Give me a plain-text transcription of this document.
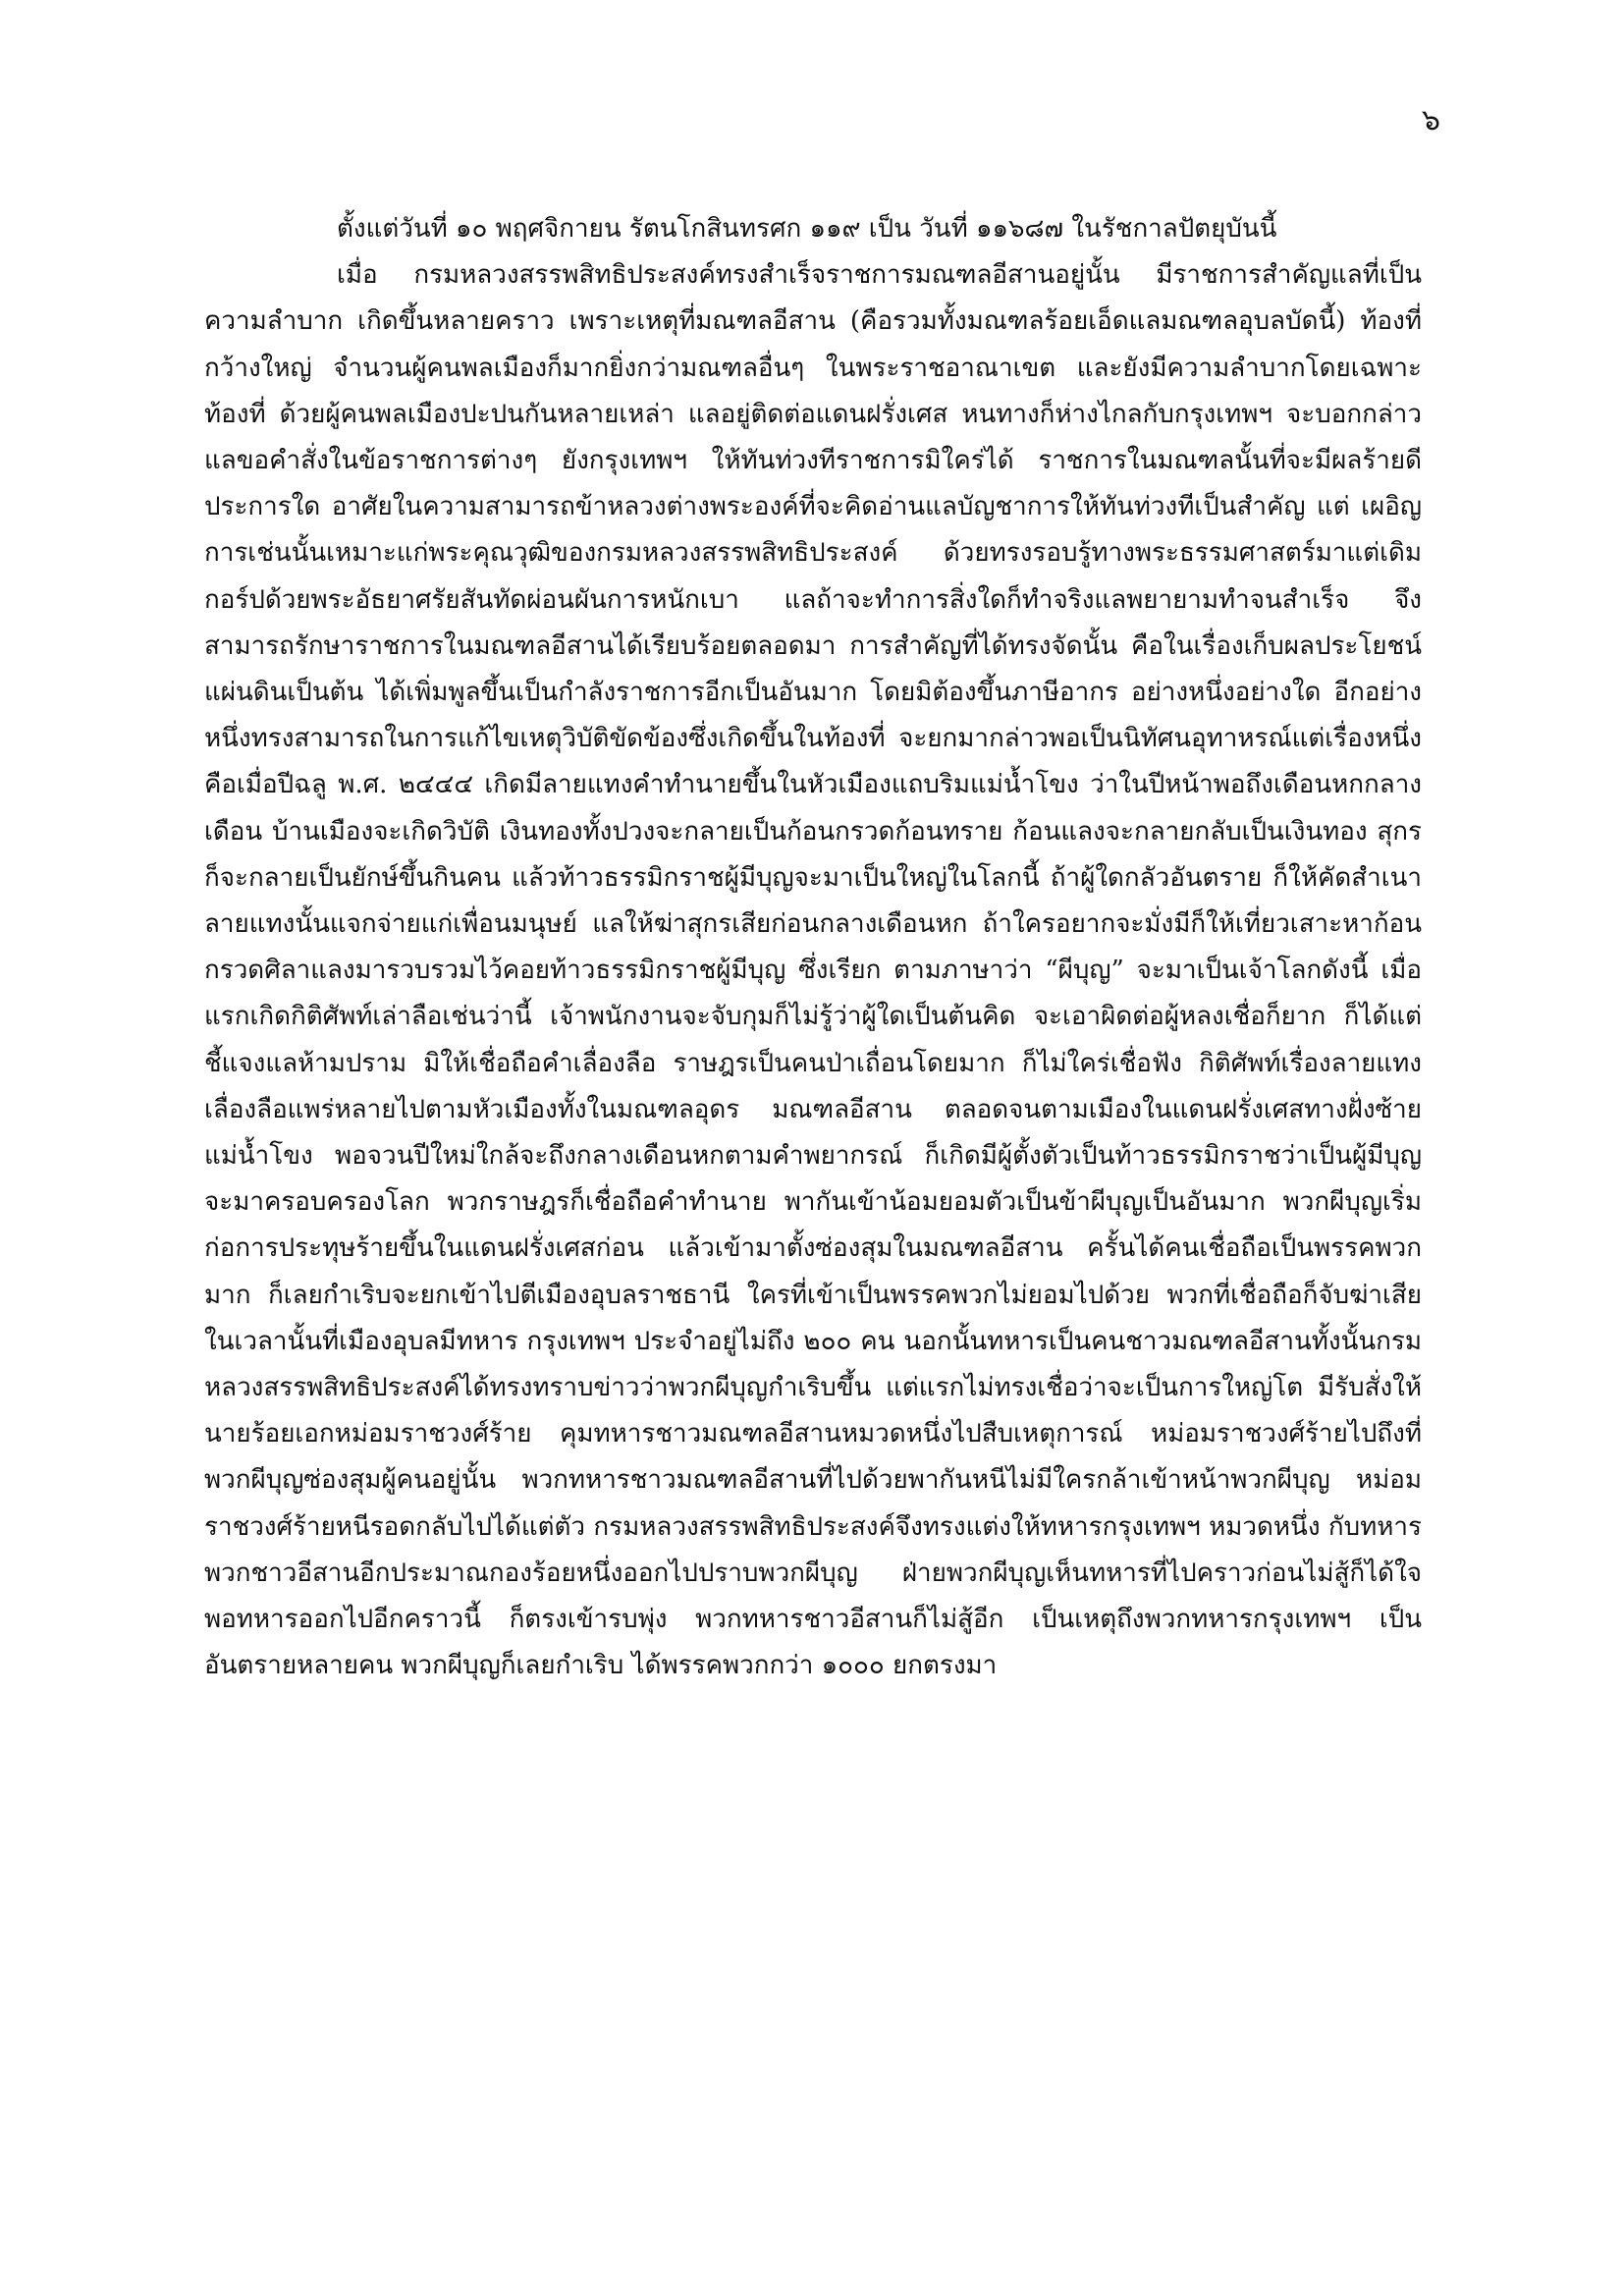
๖

ตั้งแต่วันที่ ๑๐ พฤศจิกายน รัตนโกสินทรศก ๑๑๙ เป็น วันที่ ๑๑๖๘๗ ในรัชกาลปัตยุบันนี้

เมื่อ กรมหลวงสรรพสิทธิประสงค์ทรงสำเร็จราชการมณฑลอีสานอยู่นั้น มีราชการสำคัญแลที่เป็นความลำบาก เกิดขึ้นหลายคราว เพราะเหตุที่มณฑลอีสาน (คือรวมทั้งมณฑลร้อยเอ็ดแลมณฑลอุบลบัดนี้) ท้องที่กว้างใหญ่ จำนวนผู้คนพลเมืองก็มากยิ่งกว่ามณฑลอื่นๆ ในพระราชอาณาเขต และยังมีความลำบากโดยเฉพาะท้องที่ ด้วยผู้คนพลเมืองปะปนกันหลายเหล่า แลอยู่ติดต่อแดนฝรั่งเศส หนทางก็ห่างไกลกับกรุงเทพฯ จะบอกกล่าวแลขอคำสั่งในข้อราชการต่างๆ ยังกรุงเทพฯ ให้ทันท่วงทีราชการมิใคร่ได้ ราชการในมณฑลนั้นที่จะมีผลร้ายดีประการใด อาศัยในความสามารถข้าหลวงต่างพระองค์ที่จะคิดอ่านแลบัญชาการให้ทันท่วงทีเป็นสำคัญ แต่ เผอิญการเช่นนั้นเหมาะแก่พระคุณวุฒิของกรมหลวงสรรพสิทธิประสงค์ ด้วยทรงรอบรู้ทางพระธรรมศาสตร์มาแต่เดิม กอร์ปด้วยพระอัธยาศรัยสันทัดผ่อนผันการหนักเบา แลถ้าจะทำการสิ่งใดก็ทำจริงแลพยายามทำจนสำเร็จ จึงสามารถรักษาราชการในมณฑลอีสานได้เรียบร้อยตลอดมา การสำคัญที่ได้ทรงจัดนั้น คือในเรื่องเก็บผลประโยชน์แผ่นดินเป็นต้น ได้เพิ่มพูลขึ้นเป็นกำลังราชการอีกเป็นอันมาก โดยมิต้องขึ้นภาษีอากร อย่างหนึ่งอย่างใด อีกอย่างหนึ่งทรงสามารถในการแก้ไขเหตุวิบัติขัดข้องซึ่งเกิดขึ้นในท้องที่ จะยกมากล่าวพอเป็นนิทัศนอุทาหรณ์แต่เรื่องหนึ่ง คือเมื่อปีฉลู พ.ศ. ๒๔๔๔ เกิดมีลายแทงคำทำนายขึ้นในหัวเมืองแถบริมแม่น้ำโขง ว่าในปีหน้าพอถึงเดือนหกกลางเดือน บ้านเมืองจะเกิดวิบัติ เงินทองทั้งปวงจะกลายเป็นก้อนกรวดก้อนทราย ก้อนแลงจะกลายกลับเป็นเงินทอง สุกรก็จะกลายเป็นยักษ์ขึ้นกินคน แล้วท้าวธรรมิกราชผู้มีบุญจะมาเป็นใหญ่ในโลกนี้ ถ้าผู้ใดกลัวอันตราย ก็ให้คัดสำเนาลายแทงนั้นแจกจ่ายแก่เพื่อนมนุษย์ แลให้ฆ่าสุกรเสียก่อนกลางเดือนหก ถ้าใครอยากจะมั่งมีก็ให้เที่ยวเสาะหาก้อนกรวดศิลาแลงมารวบรวมไว้คอยท้าวธรรมิกราชผู้มีบุญ ซึ่งเรียก ตามภาษาว่า “ผีบุญ” จะมาเป็นเจ้าโลกดังนี้ เมื่อแรกเกิดกิติศัพท์เล่าลือเช่นว่านี้ เจ้าพนักงานจะจับกุมก็ไม่รู้ว่าผู้ใดเป็นต้นคิด จะเอาผิดต่อผู้หลงเชื่อก็ยาก ก็ได้แต่ชี้แจงแลห้ามปราม มิให้เชื่อถือคำเลื่องลือ ราษฎรเป็นคนป่าเถื่อนโดยมาก ก็ไม่ใคร่เชื่อฟัง กิติศัพท์เรื่องลายแทงเลื่องลือแพร่หลายไปตามหัวเมืองทั้งในมณฑลอุดร มณฑลอีสาน ตลอดจนตามเมืองในแดนฝรั่งเศสทางฝั่งซ้ายแม่น้ำโขง พอจวนปีใหม่ใกล้จะถึงกลางเดือนหกตามคำพยากรณ์ ก็เกิดมีผู้ตั้งตัวเป็นท้าวธรรมิกราชว่าเป็นผู้มีบุญจะมาครอบครองโลก พวกราษฎรก็เชื่อถือคำทำนาย พากันเข้าน้อมยอมตัวเป็นข้าผีบุญเป็นอันมาก พวกผีบุญเริ่มก่อการประทุษร้ายขึ้นในแดนฝรั่งเศสก่อน แล้วเข้ามาตั้งซ่องสุมในมณฑลอีสาน ครั้นได้คนเชื่อถือเป็นพรรคพวกมาก ก็เลยกำเริบจะยกเข้าไปตีเมืองอุบลราชธานี ใครที่เข้าเป็นพรรคพวกไม่ยอมไปด้วย พวกที่เชื่อถือก็จับฆ่าเสีย ในเวลานั้นที่เมืองอุบลมีทหาร กรุงเทพฯ ประจำอยู่ไม่ถึง ๒๐๐ คน นอกนั้นทหารเป็นคนชาวมณฑลอีสานทั้งนั้นกรมหลวงสรรพสิทธิประสงค์ได้ทรงทราบข่าวว่าพวกผีบุญกำเริบขึ้น แต่แรกไม่ทรงเชื่อว่าจะเป็นการใหญ่โต มีรับสั่งให้นายร้อยเอกหม่อมราชวงศ์ร้าย คุมทหารชาวมณฑลอีสานหมวดหนึ่งไปสืบเหตุการณ์ หม่อมราชวงศ์ร้ายไปถึงที่พวกผีบุญซ่องสุมผู้คนอยู่นั้น พวกทหารชาวมณฑลอีสานที่ไปด้วยพากันหนีไม่มีใครกล้าเข้าหน้าพวกผีบุญ หม่อมราชวงศ์ร้ายหนีรอดกลับไปได้แต่ตัว กรมหลวงสรรพสิทธิประสงค์จึงทรงแต่งให้ทหารกรุงเทพฯ หมวดหนึ่ง กับทหารพวกชาวอีสานอีกประมาณกองร้อยหนึ่งออกไปปราบพวกผีบุญ ฝ่ายพวกผีบุญเห็นทหารที่ไปคราวก่อนไม่สู้ก็ได้ใจ พอทหารออกไปอีกคราวนี้ ก็ตรงเข้ารบพุ่ง พวกทหารชาวอีสานก็ไม่สู้อีก เป็นเหตุถึงพวกทหารกรุงเทพฯ เป็น อันตรายหลายคน พวกผีบุญก็เลยกำเริบ ได้พรรคพวกกว่า ๑๐๐๐ ยกตรงมา
